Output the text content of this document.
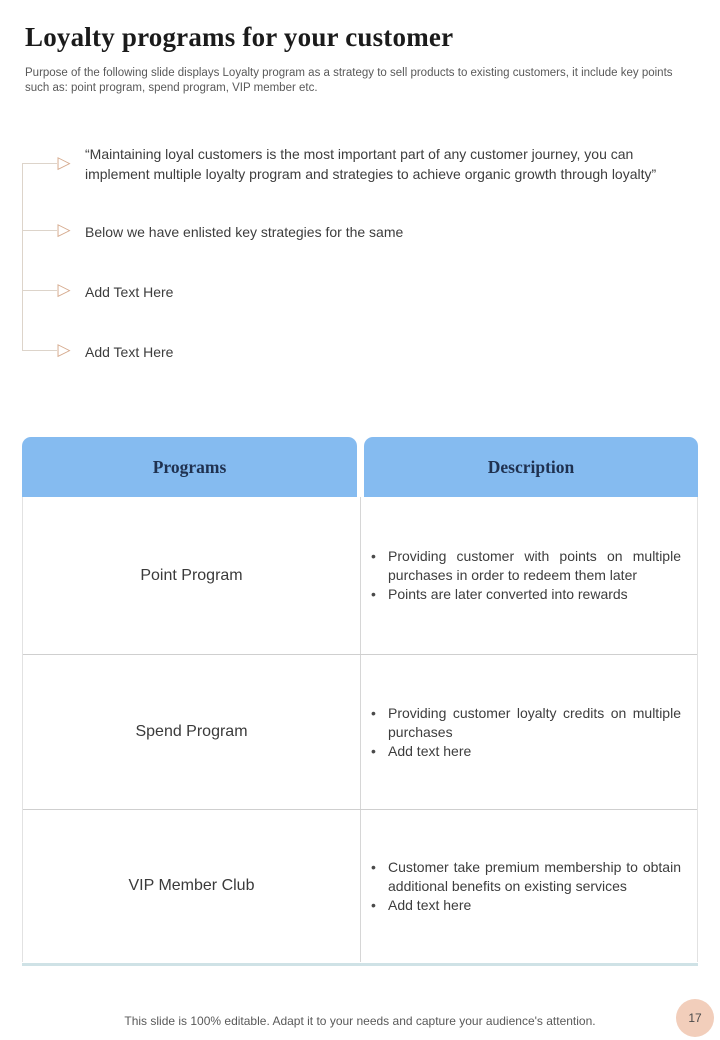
Loyalty programs for your customer
Purpose of the following slide displays Loyalty program as a strategy to sell products to existing customers, it include key points such as: point program, spend program, VIP member etc.
▷
▷
▷
▷
“Maintaining loyal customers is the most important part of any customer journey, you can implement multiple loyalty program and strategies to achieve organic growth through loyalty”
Below we have enlisted key strategies for the same
Add Text Here
Add Text Here
Programs	Description
Point Program
• Providing customer with points on multiple purchases in order to redeem them later
• Points are later converted into rewards
Spend Program
• Providing customer loyalty credits on multiple purchases
• Add text here
VIP Member Club
• Customer take premium membership to obtain additional benefits on existing services
• Add text here
This slide is 100% editable. Adapt it to your needs and capture your audience's attention.	17
